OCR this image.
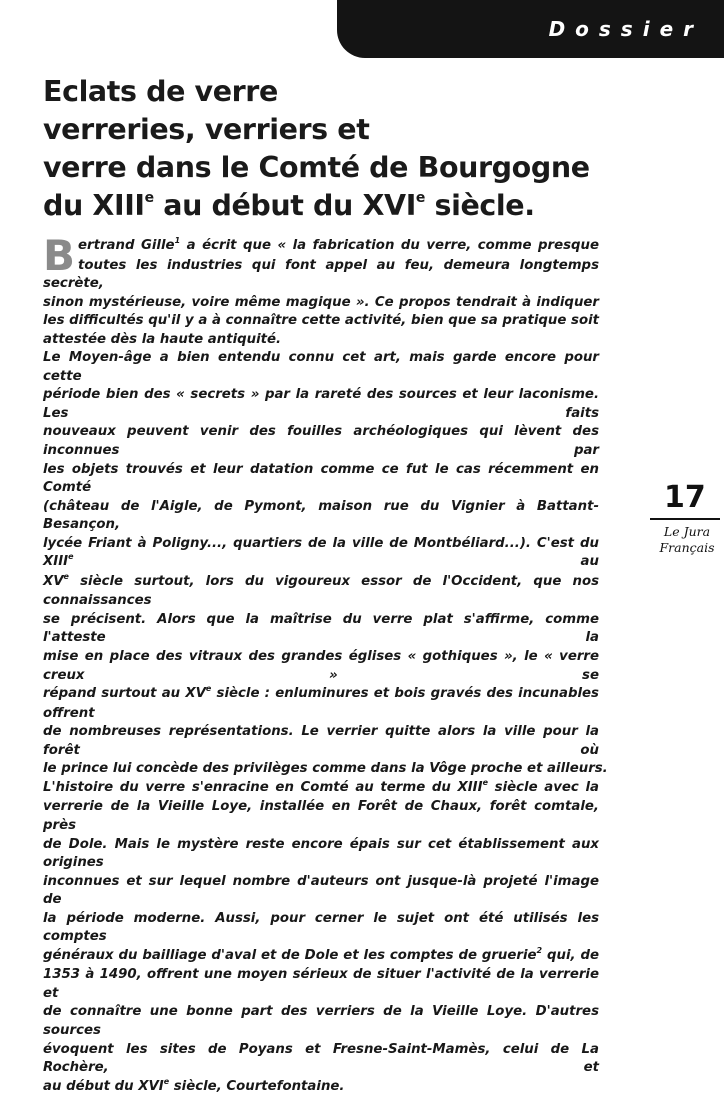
Dossier
Eclats de verre
verreries, verriers et
verre dans le Comté de Bourgogne
du XIIIe au début du XVIe siècle.
B ertrand Gille$^1$ a écrit que « la fabrication du verre, comme presque
toutes les industries qui font appel au feu, demeura longtemps secrète,
sinon mystérieuse, voire même magique ». Ce propos tendrait à indiquer
les difficultés qu'il y a à connaître cette activité, bien que sa pratique soit
attestée dès la haute antiquité.
Le Moyen-âge a bien entendu connu cet art, mais garde encore pour cette
période bien des « secrets » par la rareté des sources et leur laconisme. Les faits
nouveaux peuvent venir des fouilles archéologiques qui lèvent des inconnues par
les objets trouvés et leur datation comme ce fut le cas récemment en Comté
(château de l'Aigle, de Pymont, maison rue du Vignier à Battant-Besançon,
lycée Friant à Poligny..., quartiers de la ville de Montbéliard...). C'est du XIIIe au
XVe siècle surtout, lors du vigoureux essor de l'Occident, que nos connaissances
se précisent. Alors que la maîtrise du verre plat s'affirme, comme l'atteste la
mise en place des vitraux des grandes églises « gothiques », le « verre creux » se
répand surtout au XVe siècle : enluminures et bois gravés des incunables offrent
de nombreuses représentations. Le verrier quitte alors la ville pour la forêt où
le prince lui concède des privilèges comme dans la Vôge proche et ailleurs.
L'histoire du verre s'enracine en Comté au terme du XIIIe siècle avec la
verrerie de la Vieille Loye, installée en Forêt de Chaux, forêt comtale, près
de Dole. Mais le mystère reste encore épais sur cet établissement aux origines
inconnues et sur lequel nombre d'auteurs ont jusque-là projeté l'image de
la période moderne. Aussi, pour cerner le sujet ont été utilisés les comptes
généraux du bailliage d'aval et de Dole et les comptes de gruerie$^2$ qui, de
1353 à 1490, offrent une moyen sérieux de situer l'activité de la verrerie et
de connaître une bonne part des verriers de la Vieille Loye. D'autres sources
évoquent les sites de Poyans et Fresne-Saint-Mamès, celui de La Rochère, et
au début du XVIe siècle, Courtefontaine.
17
Le Jura
Français
